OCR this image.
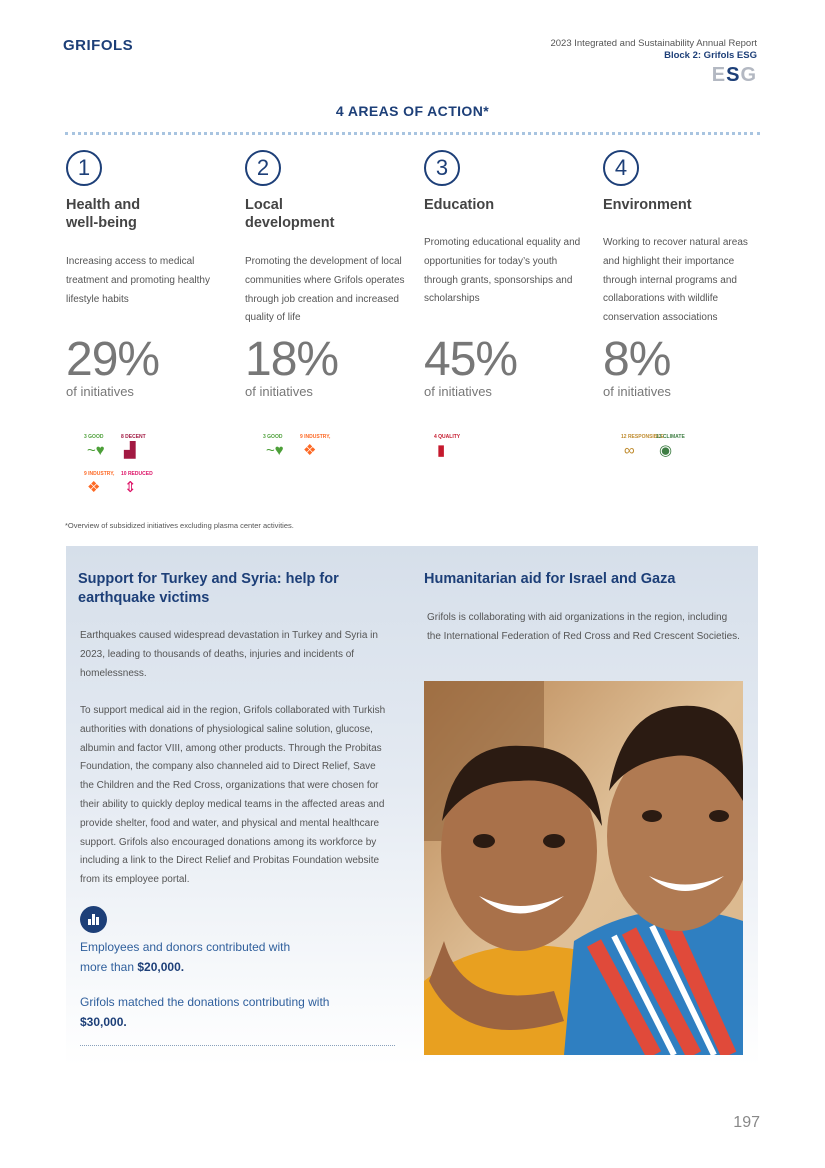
GRIFOLS	2023 Integrated and Sustainability Annual Report
Block 2: Grifols ESG
ESG
4 AREAS OF ACTION*
1
Health and well-being
Increasing access to medical treatment and promoting healthy lifestyle habits
29%
of initiatives
2
Local development
Promoting the development of local communities where Grifols operates through job creation and increased quality of life
18%
of initiatives
3
Education
Promoting educational equality and opportunities for today’s youth through grants, sponsorships and scholarships
45%
of initiatives
4
Environment
Working to recover natural areas and highlight their importance through internal programs and collaborations with wildlife conservation associations
8%
of initiatives
3 GOOD
~♥
8 DECENT
▟
9 INDUSTRY,
❖
10 REDUCED
⇕
3 GOOD
~♥
9 INDUSTRY,
❖
4 QUALITY
▮
12 RESPONSIBLE
∞
13 CLIMATE
◉
*Overview of subsidized initiatives excluding plasma center activities.
Support for Turkey and Syria: help for earthquake victims
Earthquakes caused widespread devastation in Turkey and Syria in 2023, leading to thousands of deaths, injuries and incidents of homelessness.
To support medical aid in the region, Grifols collaborated with Turkish authorities with donations of physiological saline solution, glucose, albumin and factor VIII, among other products. Through the Probitas Foundation, the company also channeled aid to Direct Relief, Save the Children and the Red Cross, organizations that were chosen for their ability to quickly deploy medical teams in the affected areas and provide shelter, food and water, and physical and mental healthcare support. Grifols also encouraged donations among its workforce by including a link to the Direct Relief and Probitas Foundation website from its employee portal.
Employees and donors contributed with more than $20,000.
Grifols matched the donations contributing with $30,000.
Humanitarian aid for Israel and Gaza
Grifols is collaborating with aid organizations in the region, including the International Federation of Red Cross and Red Crescent Societies.
197
